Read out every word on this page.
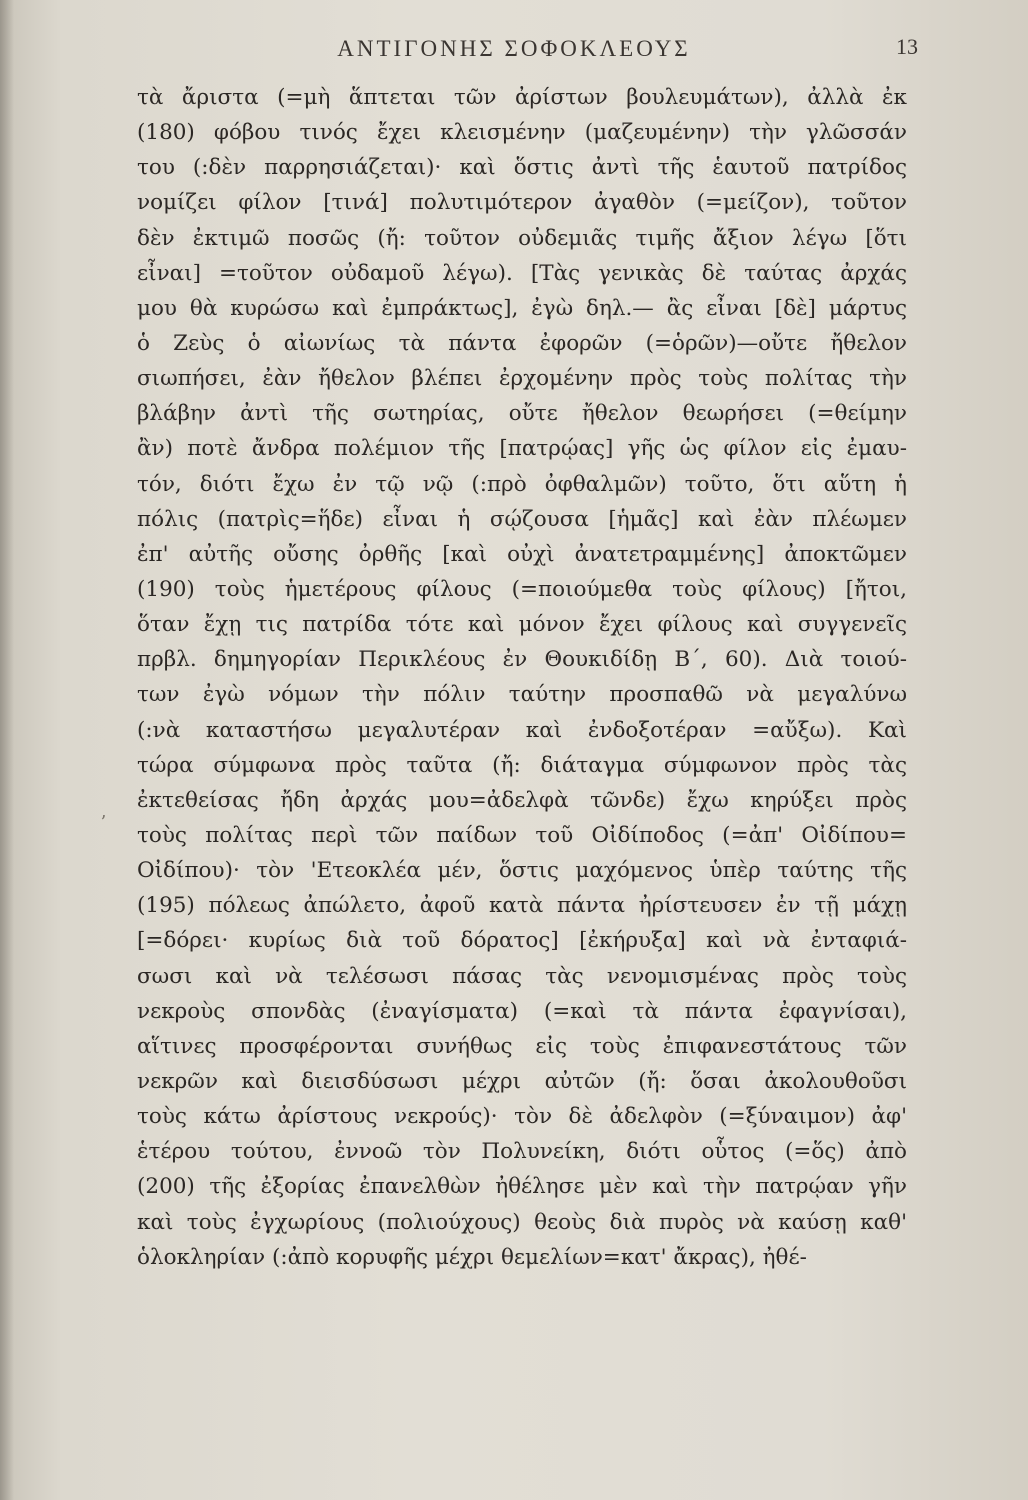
ΑΝΤΙΓΟΝΗΣ ΣΟΦΟΚΛΕΟΥΣ	13
ʼ
τὰ ἄριστα (=μὴ ἅπτεται τῶν ἀρίστων βουλευμάτων), ἀλλὰ ἐκ
(180) φόβου τινός ἔχει κλεισμένην (μαζευμένην) τὴν γλῶσσάν
του (:δὲν παρρησιάζεται)· καὶ ὅστις ἀντὶ τῆς ἑαυτοῦ πατρίδος
νομίζει φίλον [τινά] πολυτιμότερον ἀγαθὸν (=μείζον), τοῦτον
δὲν ἐκτιμῶ ποσῶς (ἤ: τοῦτον οὐδεμιᾶς τιμῆς ἄξιον λέγω [ὅτι
εἶναι] =τοῦτον οὐδαμοῦ λέγω). [Τὰς γενικὰς δὲ ταύτας ἀρχάς
μου θὰ κυρώσω καὶ ἐμπράκτως], ἐγὼ δηλ.— ἂς εἶναι [δὲ] μάρτυς
ὁ Ζεὺς ὁ αἰωνίως τὰ πάντα ἐφορῶν (=ὁρῶν)—οὔτε ἤθελον
σιωπήσει, ἐὰν ἤθελον βλέπει ἐρχομένην πρὸς τοὺς πολίτας τὴν
βλάβην ἀντὶ τῆς σωτηρίας, οὔτε ἤθελον θεωρήσει (=θείμην
ἂν) ποτὲ ἄνδρα πολέμιον τῆς [πατρῴας] γῆς ὡς φίλον εἰς ἐμαυ-
τόν, διότι ἔχω ἐν τῷ νῷ (:πρὸ ὀφθαλμῶν) τοῦτο, ὅτι αὕτη ἡ
πόλις (πατρὶς=ἥδε) εἶναι ἡ σῴζουσα [ἡμᾶς] καὶ ἐὰν πλέωμεν
ἐπ' αὐτῆς οὔσης ὀρθῆς [καὶ οὐχὶ ἀνατετραμμένης] ἀποκτῶμεν
(190) τοὺς ἡμετέρους φίλους (=ποιούμεθα τοὺς φίλους) [ἤτοι,
ὅταν ἔχῃ τις πατρίδα τότε καὶ μόνον ἔχει φίλους καὶ συγγενεῖς
πρβλ. δημηγορίαν Περικλέους ἐν Θουκιδίδῃ Β΄, 60). Διὰ τοιού-
των ἐγὼ νόμων τὴν πόλιν ταύτην προσπαθῶ νὰ μεγαλύνω
(:νὰ καταστήσω μεγαλυτέραν καὶ ἐνδοξοτέραν =αὔξω). Καὶ
τώρα σύμφωνα πρὸς ταῦτα (ἤ: διάταγμα σύμφωνον πρὸς τὰς
ἐκτεθείσας ἤδη ἀρχάς μου=ἀδελφὰ τῶνδε) ἔχω κηρύξει πρὸς
τοὺς πολίτας περὶ τῶν παίδων τοῦ Οἰδίποδος (=ἀπ' Οἰδίπου=
Οἰδίπου)· τὸν 'Ετεοκλέα μέν, ὅστις μαχόμενος ὑπὲρ ταύτης τῆς
(195) πόλεως ἀπώλετο, ἀφοῦ κατὰ πάντα ἠρίστευσεν ἐν τῇ μάχῃ
[=δόρει· κυρίως διὰ τοῦ δόρατος] [ἐκήρυξα] καὶ νὰ ἐνταφιά-
σωσι καὶ νὰ τελέσωσι πάσας τὰς νενομισμένας πρὸς τοὺς
νεκροὺς σπονδὰς (ἐναγίσματα) (=καὶ τὰ πάντα ἐφαγνίσαι),
αἵτινες προσφέρονται συνήθως εἰς τοὺς ἐπιφανεστάτους τῶν
νεκρῶν καὶ διεισδύσωσι μέχρι αὐτῶν (ἤ: ὅσαι ἀκολουθοῦσι
τοὺς κάτω ἀρίστους νεκρούς)· τὸν δὲ ἀδελφὸν (=ξύναιμον) ἀφ'
ἑτέρου τούτου, ἐννοῶ τὸν Πολυνείκη, διότι οὗτος (=ὅς) ἀπὸ
(200) τῆς ἐξορίας ἐπανελθὼν ἠθέλησε μὲν καὶ τὴν πατρῴαν γῆν
καὶ τοὺς ἐγχωρίους (πολιούχους) θεοὺς διὰ πυρὸς νὰ καύσῃ καθ'
ὁλοκληρίαν (:ἀπὸ κορυφῆς μέχρι θεμελίων=κατ' ἄκρας), ἠθέ-
